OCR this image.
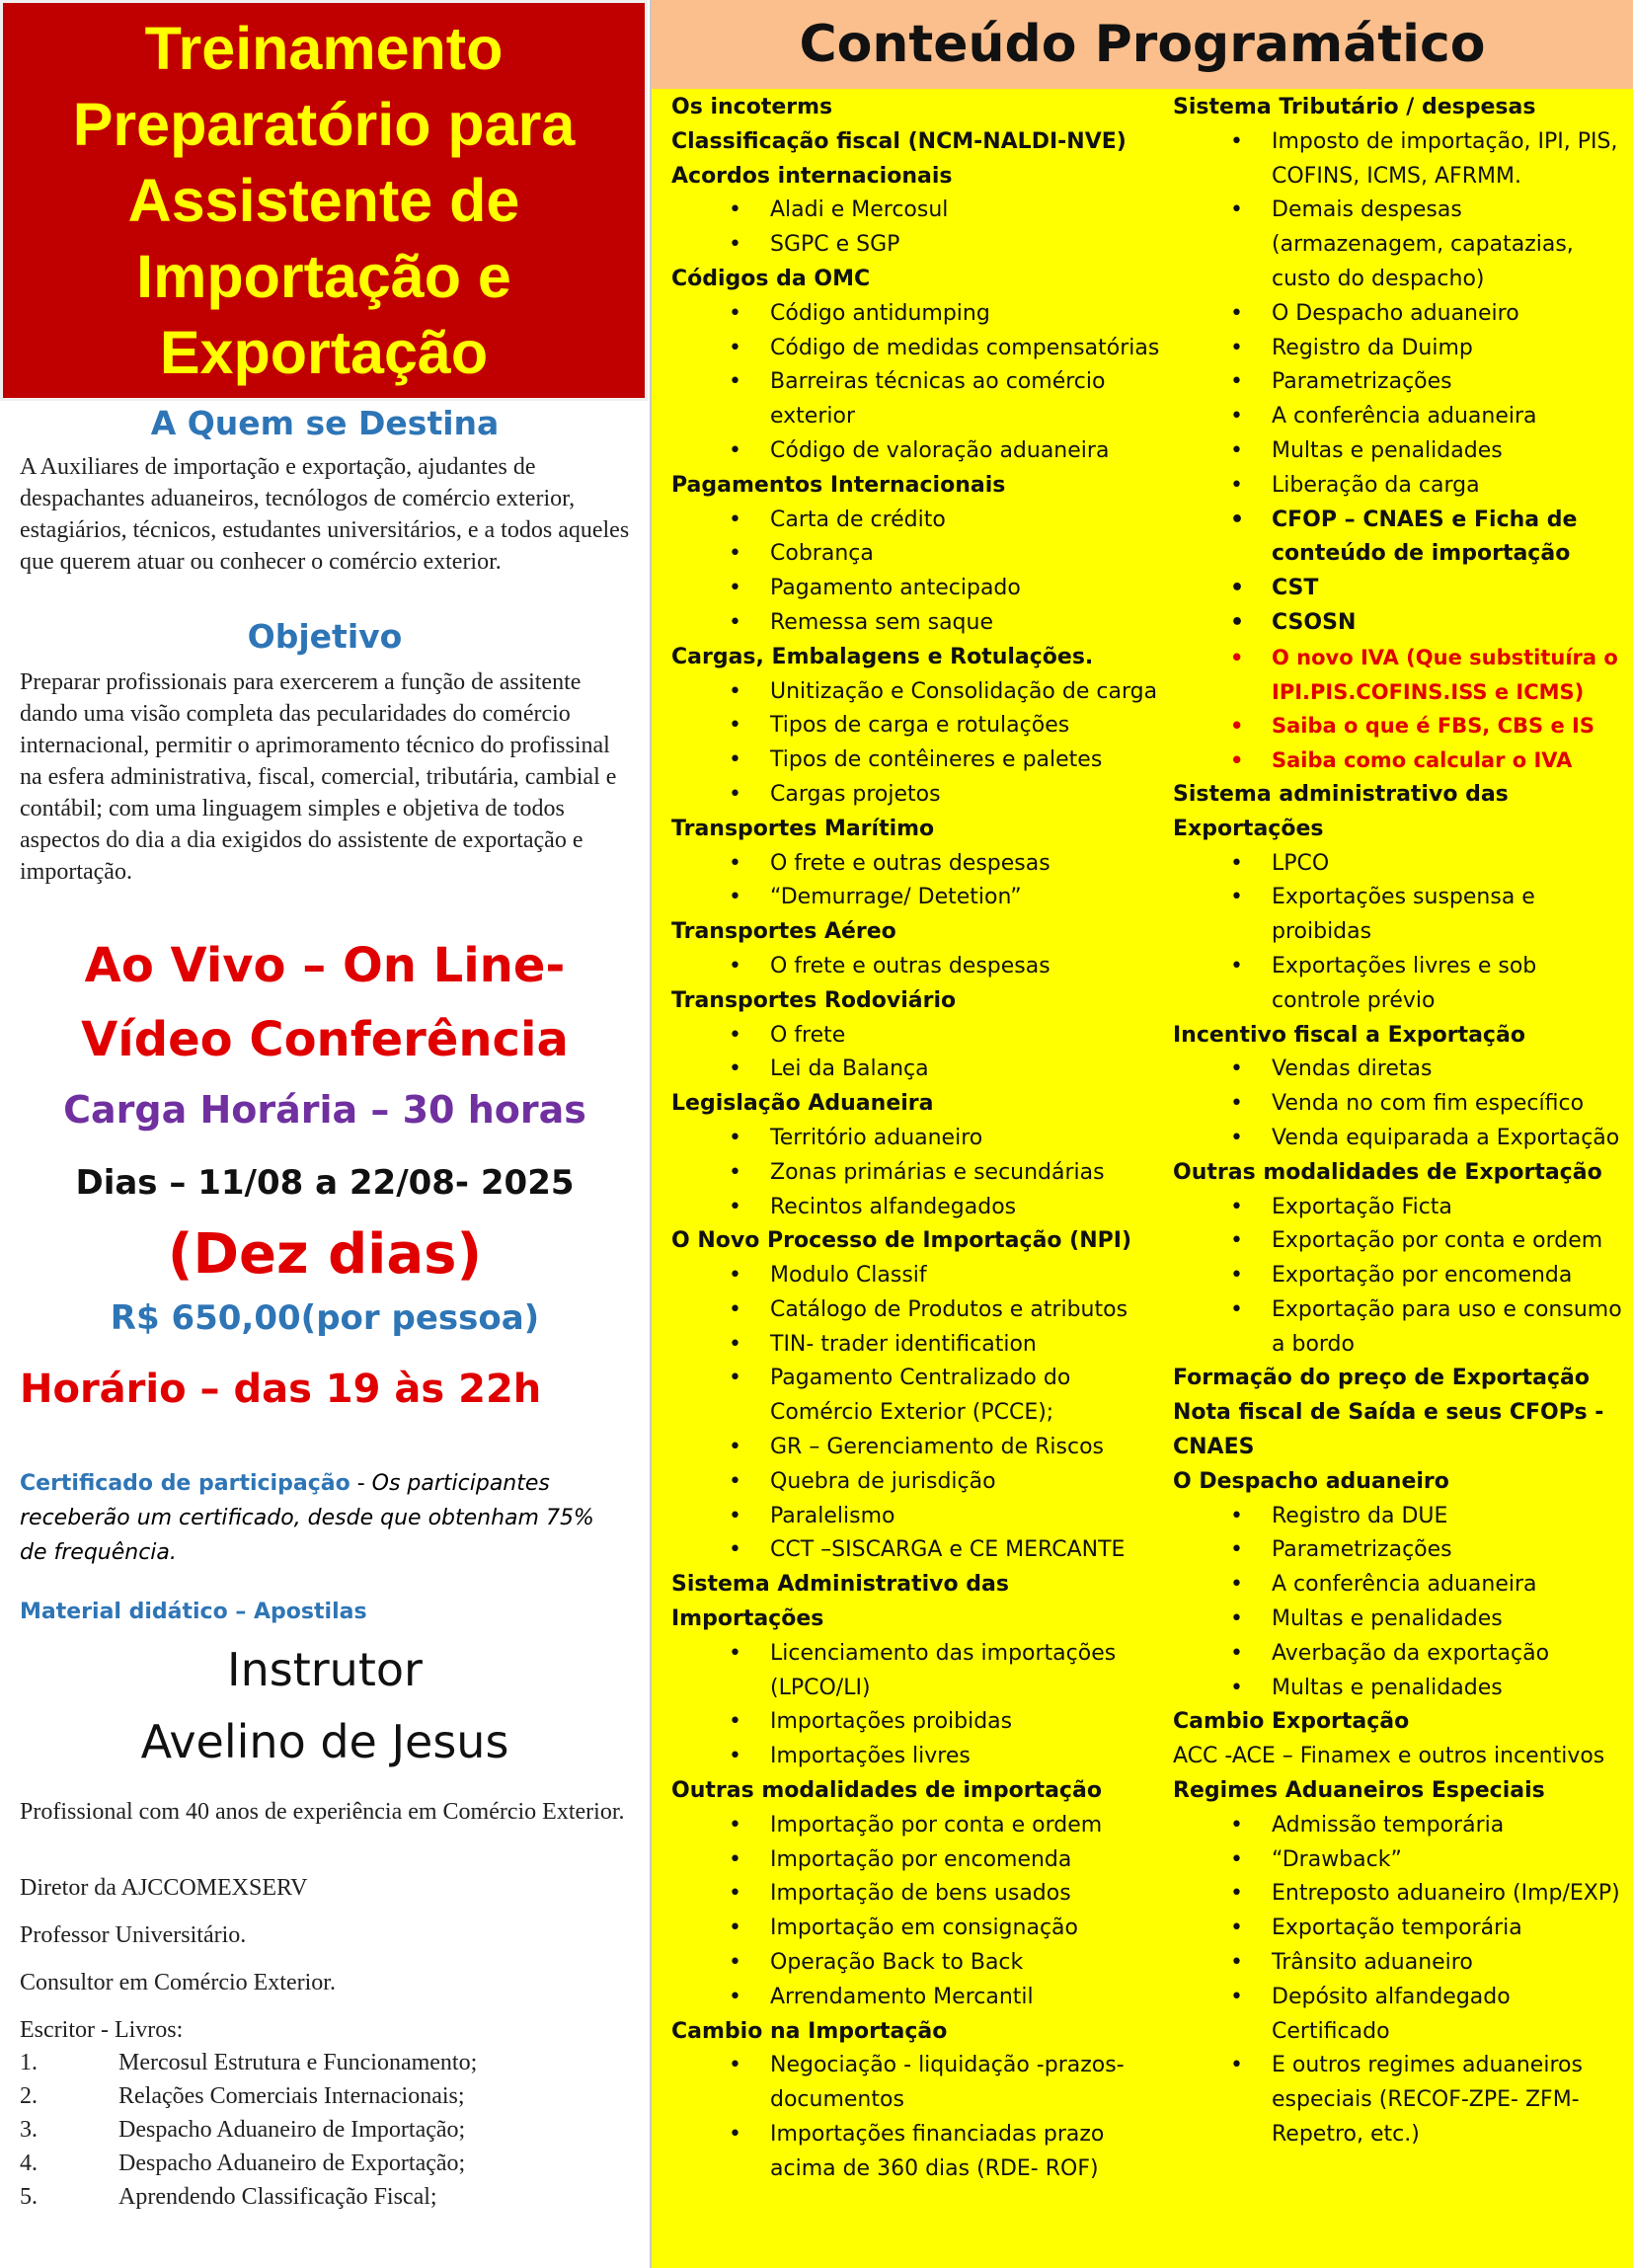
Treinamento
Preparatório para
Assistente de
Importação e
Exportação
A Quem se Destina

A Auxiliares de importação e exportação, ajudantes de despachantes aduaneiros, tecnólogos de comércio exterior, estagiários, técnicos, estudantes universitários, e a todos aqueles que querem atuar ou conhecer o comércio exterior.

Objetivo

Preparar profissionais para exercerem a função de assitente dando uma visão completa das pecularidades do comércio internacional, permitir o aprimoramento técnico do profissinal na esfera administrativa, fiscal, comercial, tributária, cambial e contábil; com uma linguagem simples e objetiva de todos aspectos do dia a dia exigidos do assistente de exportação e importação.

Ao Vivo – On Line-
Vídeo Conferência
Carga Horária – 30 horas
Dias – 11/08 a 22/08- 2025
(Dez dias)
R$ 650,00(por pessoa)
Horário – das 19 às 22h
Certificado de participação - Os participantes
receberão um certificado, desde que obtenham 75%
de frequência.
Material didático – Apostilas
Instrutor
Avelino de Jesus

Profissional com 40 anos de experiência em Comércio Exterior.

Diretor da AJCCOMEXSERV
Professor Universitário.
Consultor em Comércio Exterior.
Escritor - Livros:
1.	Mercosul Estrutura e Funcionamento;
2.	Relações Comerciais Internacionais;
3.	Despacho Aduaneiro de Importação;
4.	Despacho Aduaneiro de Exportação;
5.	Aprendendo Classificação Fiscal;
Conteúdo Programático
Os incoterms
Classificação fiscal (NCM-NALDI-NVE)
Acordos internacionais
• Aladi e Mercosul
• SGPC e SGP
Códigos da OMC
• Código antidumping
• Código de medidas compensatórias
• Barreiras técnicas ao comércio exterior
• Código de valoração aduaneira
Pagamentos Internacionais
• Carta de crédito
• Cobrança
• Pagamento antecipado
• Remessa sem saque
Cargas, Embalagens e Rotulações.
• Unitização e Consolidação de carga
• Tipos de carga e rotulações
• Tipos de contêineres e paletes
• Cargas projetos
Transportes Marítimo
• O frete e outras despesas
• “Demurrage/ Detetion”
Transportes Aéreo
• O frete e outras despesas
Transportes Rodoviário
• O frete
• Lei da Balança
Legislação Aduaneira
• Território aduaneiro
• Zonas primárias e secundárias
• Recintos alfandegados
O Novo Processo de Importação (NPI)
• Modulo Classif
• Catálogo de Produtos e atributos
• TIN- trader identification
• Pagamento Centralizado do Comércio Exterior (PCCE);
• GR – Gerenciamento de Riscos
• Quebra de jurisdição
• Paralelismo
• CCT –SISCARGA e CE MERCANTE
Sistema Administrativo das Importações
• Licenciamento das importações (LPCO/LI)
• Importações proibidas
• Importações livres
Outras modalidades de importação
• Importação por conta e ordem
• Importação por encomenda
• Importação de bens usados
• Importação em consignação
• Operação Back to Back
• Arrendamento Mercantil
Cambio na Importação
• Negociação - liquidação -prazos-documentos
• Importações financiadas prazo acima de 360 dias (RDE- ROF)
Sistema Tributário / despesas
• Imposto de importação, IPI, PIS, COFINS, ICMS, AFRMM.
• Demais despesas (armazenagem, capatazias, custo do despacho)
• O Despacho aduaneiro
• Registro da Duimp
• Parametrizações
• A conferência aduaneira
• Multas e penalidades
• Liberação da carga
• CFOP – CNAES e Ficha de conteúdo de importação
• CST
• CSOSN
• O novo IVA (Que substituíra o IPI.PIS.COFINS.ISS e ICMS)
• Saiba o que é FBS, CBS e IS
• Saiba como calcular o IVA
Sistema administrativo das Exportações
• LPCO
• Exportações suspensa e proibidas
• Exportações livres e sob controle prévio
Incentivo fiscal a Exportação
• Vendas diretas
• Venda no com fim específico
• Venda equiparada a Exportação
Outras modalidades de Exportação
• Exportação Ficta
• Exportação por conta e ordem
• Exportação por encomenda
• Exportação para uso e consumo a bordo
Formação do preço de Exportação
Nota fiscal de Saída e seus CFOPs - CNAES
O Despacho aduaneiro
• Registro da DUE
• Parametrizações
• A conferência aduaneira
• Multas e penalidades
• Averbação da exportação
• Multas e penalidades
Cambio Exportação
ACC -ACE – Finamex e outros incentivos
Regimes Aduaneiros Especiais
• Admissão temporária
• “Drawback”
• Entreposto aduaneiro (Imp/EXP)
• Exportação temporária
• Trânsito aduaneiro
• Depósito alfandegado Certificado
• E outros regimes aduaneiros especiais (RECOF-ZPE- ZFM-Repetro, etc.)
